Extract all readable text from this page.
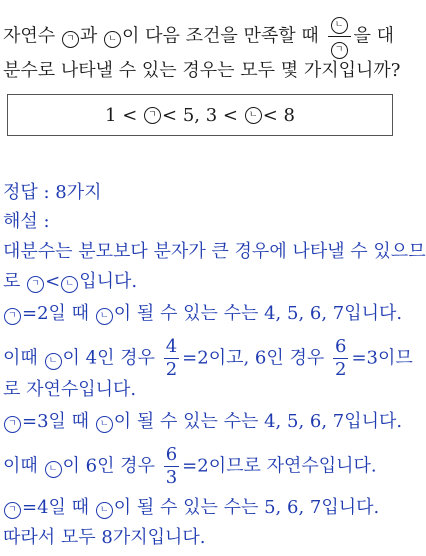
자연수 ㄱ 과 ㄴ 이 다음 조건을 만족할 때 $\frac{\text{ㄴ}}{\text{ㄱ}}$ 을 대
분수로 나타낼 수 있는 경우는 모두 몇 가지입니까?
1 <
	ㄱ < 5, 3 <
	ㄴ < 8
정답 : 8가지
해설 :
대분수는 분모보다 분자가 큰 경우에 나타낼 수 있으므
로 ㄱ < ㄴ 입니다.
ㄱ =2일 때 ㄴ 이 될 수 있는 수는 4, 5, 6, 7입니다.
이때 ㄴ 이 4인 경우 $\frac{4}{2} =2$이고, 6인 경우 $\frac{6}{2} =3$이므
로 자연수입니다.
ㄱ =3일 때 ㄴ 이 될 수 있는 수는 4, 5, 6, 7입니다.
이때 ㄴ 이 6인 경우 $\frac{6}{3} =2$이므로 자연수입니다.
ㄱ =4일 때 ㄴ 이 될 수 있는 수는 5, 6, 7입니다.
따라서 모두 8가지입니다.
